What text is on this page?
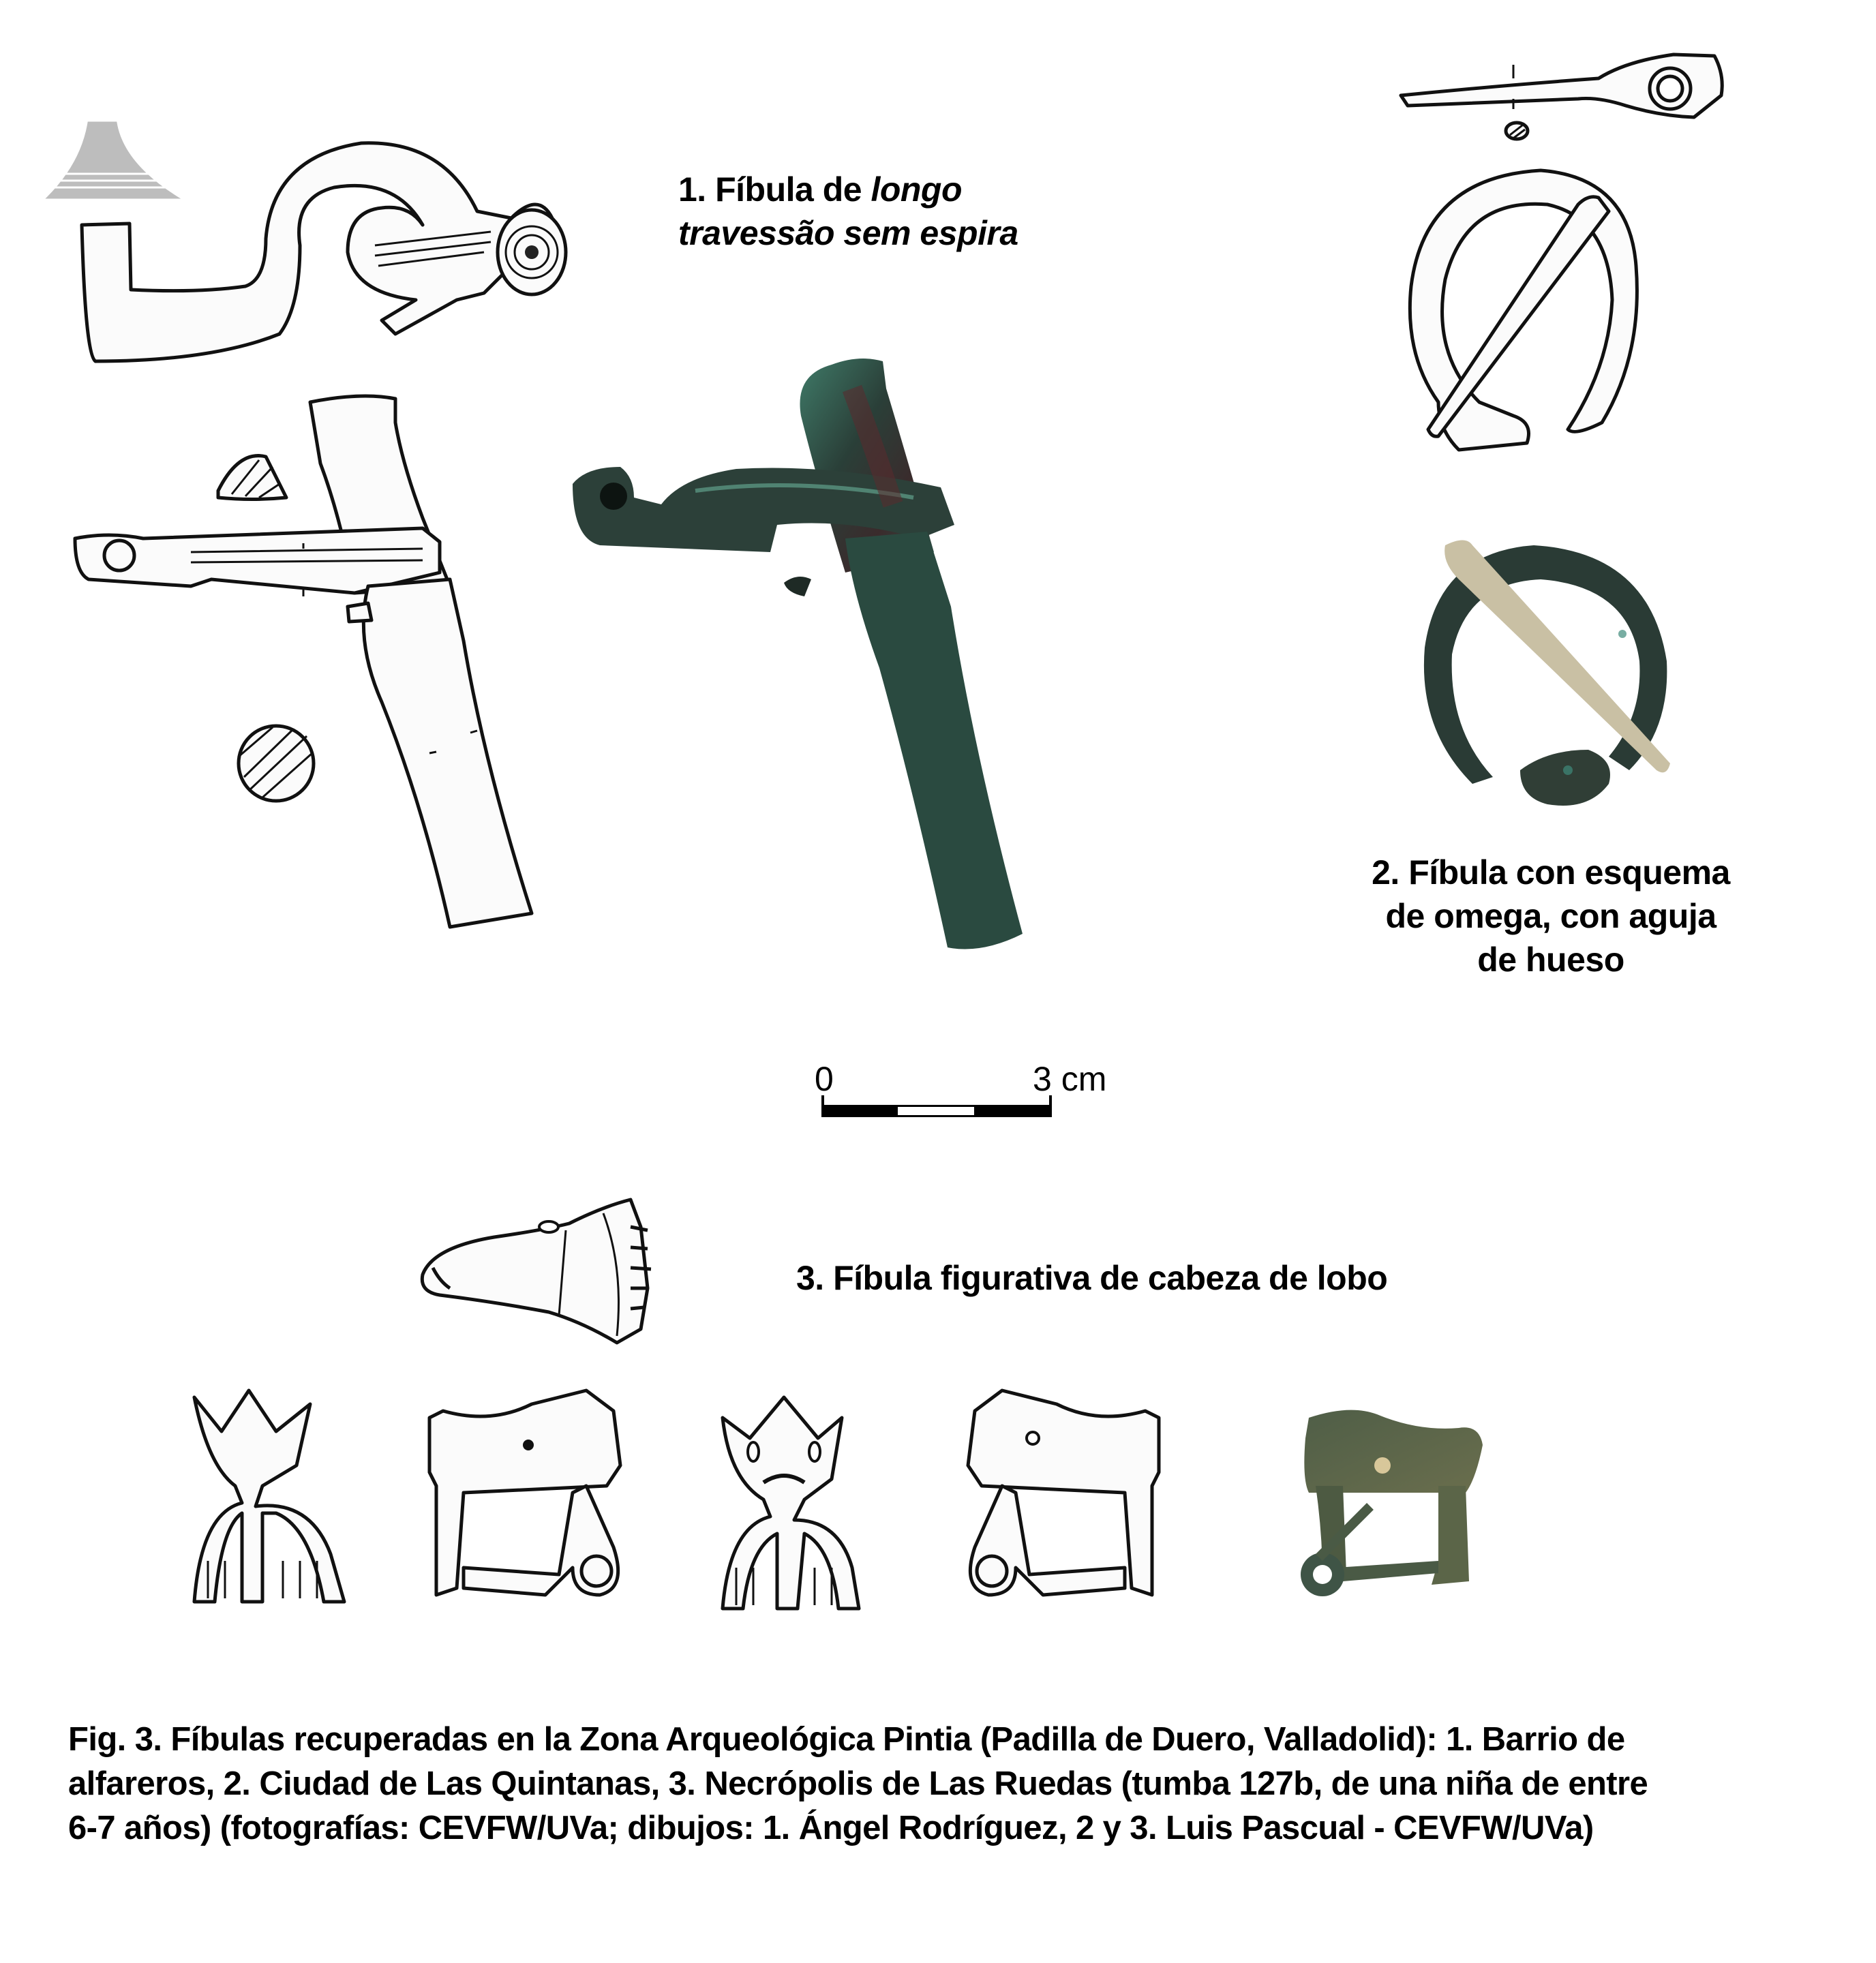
1. Fíbula de longo
travessão sem espira
2. Fíbula con esquema
de omega, con aguja
de hueso
0	3 cm
3. Fíbula figurativa de cabeza de lobo
Fig. 3. Fíbulas recuperadas en la Zona Arqueológica Pintia (Padilla de Duero, Valladolid): 1. Barrio de
alfareros, 2. Ciudad de Las Quintanas, 3. Necrópolis de Las Ruedas (tumba 127b, de una niña de entre
6-7 años) (fotografías: CEVFW/UVa; dibujos: 1. Ángel Rodríguez, 2 y 3. Luis Pascual - CEVFW/UVa)
